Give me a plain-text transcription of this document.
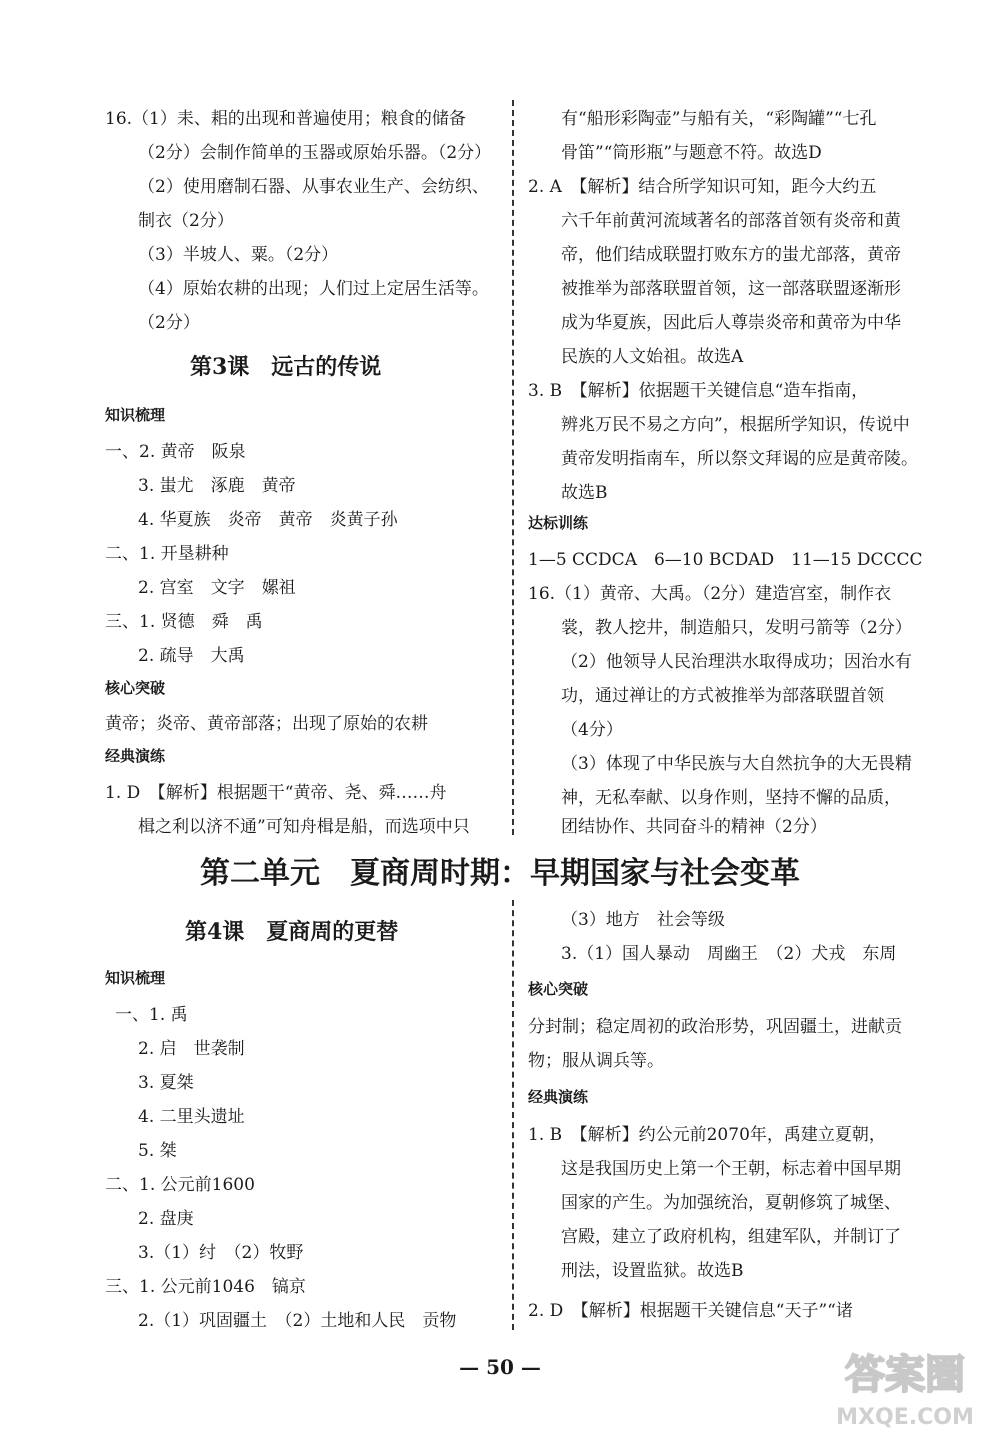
16.（1）耒、耜的出现和普遍使用；粮食的储备
（2分）会制作简单的玉器或原始乐器。（2分）
（2）使用磨制石器、从事农业生产、会纺织、
制衣（2分）
（3）半坡人、粟。（2分）
（4）原始农耕的出现；人们过上定居生活等。
（2分）
第3课　远古的传说
知识梳理
一、2. 黄帝　阪泉
3. 蚩尤　涿鹿　黄帝
4. 华夏族　炎帝　黄帝　炎黄子孙
二、1. 开垦耕种
2. 宫室　文字　嫘祖
三、1. 贤德　舜　禹
2. 疏导　大禹
核心突破
黄帝；炎帝、黄帝部落；出现了原始的农耕
经典演练
1. D　【解析】根据题干“黄帝、尧、舜……舟
楫之利以济不通”可知舟楫是船，而选项中只
有“船形彩陶壶”与船有关，“彩陶罐”“七孔
骨笛”“筒形瓶”与题意不符。故选D
2. A　【解析】结合所学知识可知，距今大约五
六千年前黄河流域著名的部落首领有炎帝和黄
帝，他们结成联盟打败东方的蚩尤部落，黄帝
被推举为部落联盟首领，这一部落联盟逐渐形
成为华夏族，因此后人尊崇炎帝和黄帝为中华
民族的人文始祖。故选A
3. B　【解析】依据题干关键信息“造车指南，
辨兆万民不易之方向”，根据所学知识，传说中
黄帝发明指南车，所以祭文拜谒的应是黄帝陵。
故选B
达标训练
1—5 CCDCA　6—10 BCDAD　11—15 DCCCC
16.（1）黄帝、大禹。（2分）建造宫室，制作衣
裳，教人挖井，制造船只，发明弓箭等（2分）
（2）他领导人民治理洪水取得成功；因治水有
功，通过禅让的方式被推举为部落联盟首领
（4分）
（3）体现了中华民族与大自然抗争的大无畏精
神，无私奉献、以身作则，坚持不懈的品质，
团结协作、共同奋斗的精神（2分）
第二单元　夏商周时期：早期国家与社会变革
第4课　夏商周的更替
知识梳理
一、1. 禹
2. 启　世袭制
3. 夏桀
4. 二里头遗址
5. 桀
二、1. 公元前1600
2. 盘庚
3.（1）纣　（2）牧野
三、1. 公元前1046　镐京
2.（1）巩固疆土　（2）土地和人民　贡物
（3）地方　社会等级
3.（1）国人暴动　周幽王　（2）犬戎　东周
核心突破
分封制；稳定周初的政治形势，巩固疆土，进献贡
物；服从调兵等。
经典演练
1. B　【解析】约公元前2070年，禹建立夏朝，
这是我国历史上第一个王朝，标志着中国早期
国家的产生。为加强统治，夏朝修筑了城堡、
宫殿，建立了政府机构，组建军队，并制订了
刑法，设置监狱。故选B
2. D　【解析】根据题干关键信息“天子”“诸
— 50 —	答案圈
MXQE.COM
